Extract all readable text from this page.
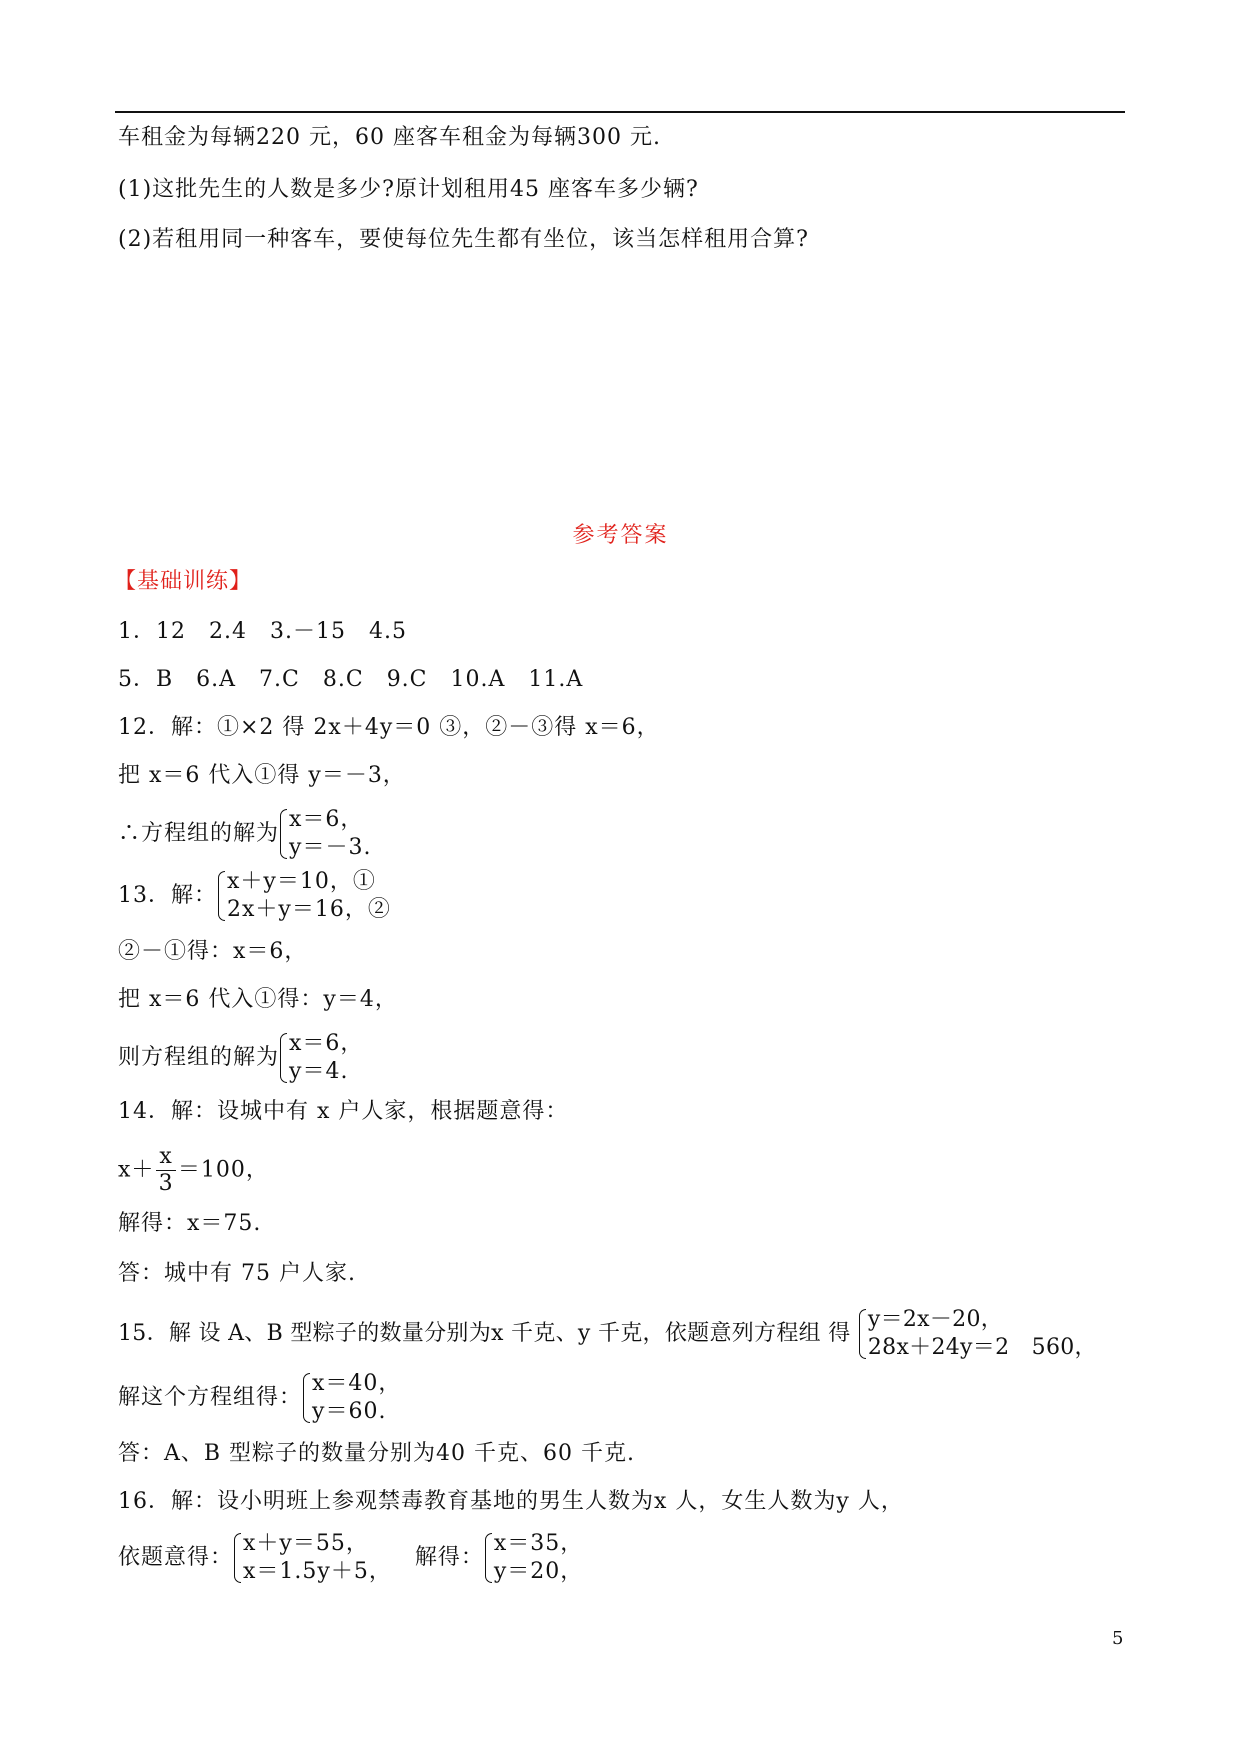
车租金为每辆220 元，60 座客车租金为每辆300 元.
(1)这批先生的人数是多少?原计划租用45 座客车多少辆?
(2)若租用同一种客车，要使每位先生都有坐位，该当怎样租用合算?
参考答案
【基础训练】
1．12　2.4　3.－15　4.5
5．B　6.A　7.C　8.C　9.C　10.A　11.A
12．解：①×2 得 2x＋4y＝0 ③，②－③得 x＝6，
把 x＝6 代入①得 y＝－3，
∴方程组的解为
x＝6，
y＝－3.
13．解：
x＋y＝10，①
2x＋y＝16，②
②－①得：x＝6，
把 x＝6 代入①得：y＝4，
则方程组的解为
x＝6，
y＝4.
14．解：设城中有 x 户人家，根据题意得：
$x+ \frac{x}{3} =100$，
解得：x＝75.
答：城中有 75 户人家.
15．解 设 A、B 型粽子的数量分别为x 千克、y 千克，依题意列方程组 得
y＝2x－20，
28x＋24y＝2　560，
解这个方程组得：
x＝40，
y＝60.
答：A、B 型粽子的数量分别为40 千克、60 千克.
16．解：设小明班上参观禁毒教育基地的男生人数为x 人，女生人数为y 人，
依题意得：
x＋y＝55，
x＝1.5y＋5，
　解得：
x＝35，
y＝20，
5
